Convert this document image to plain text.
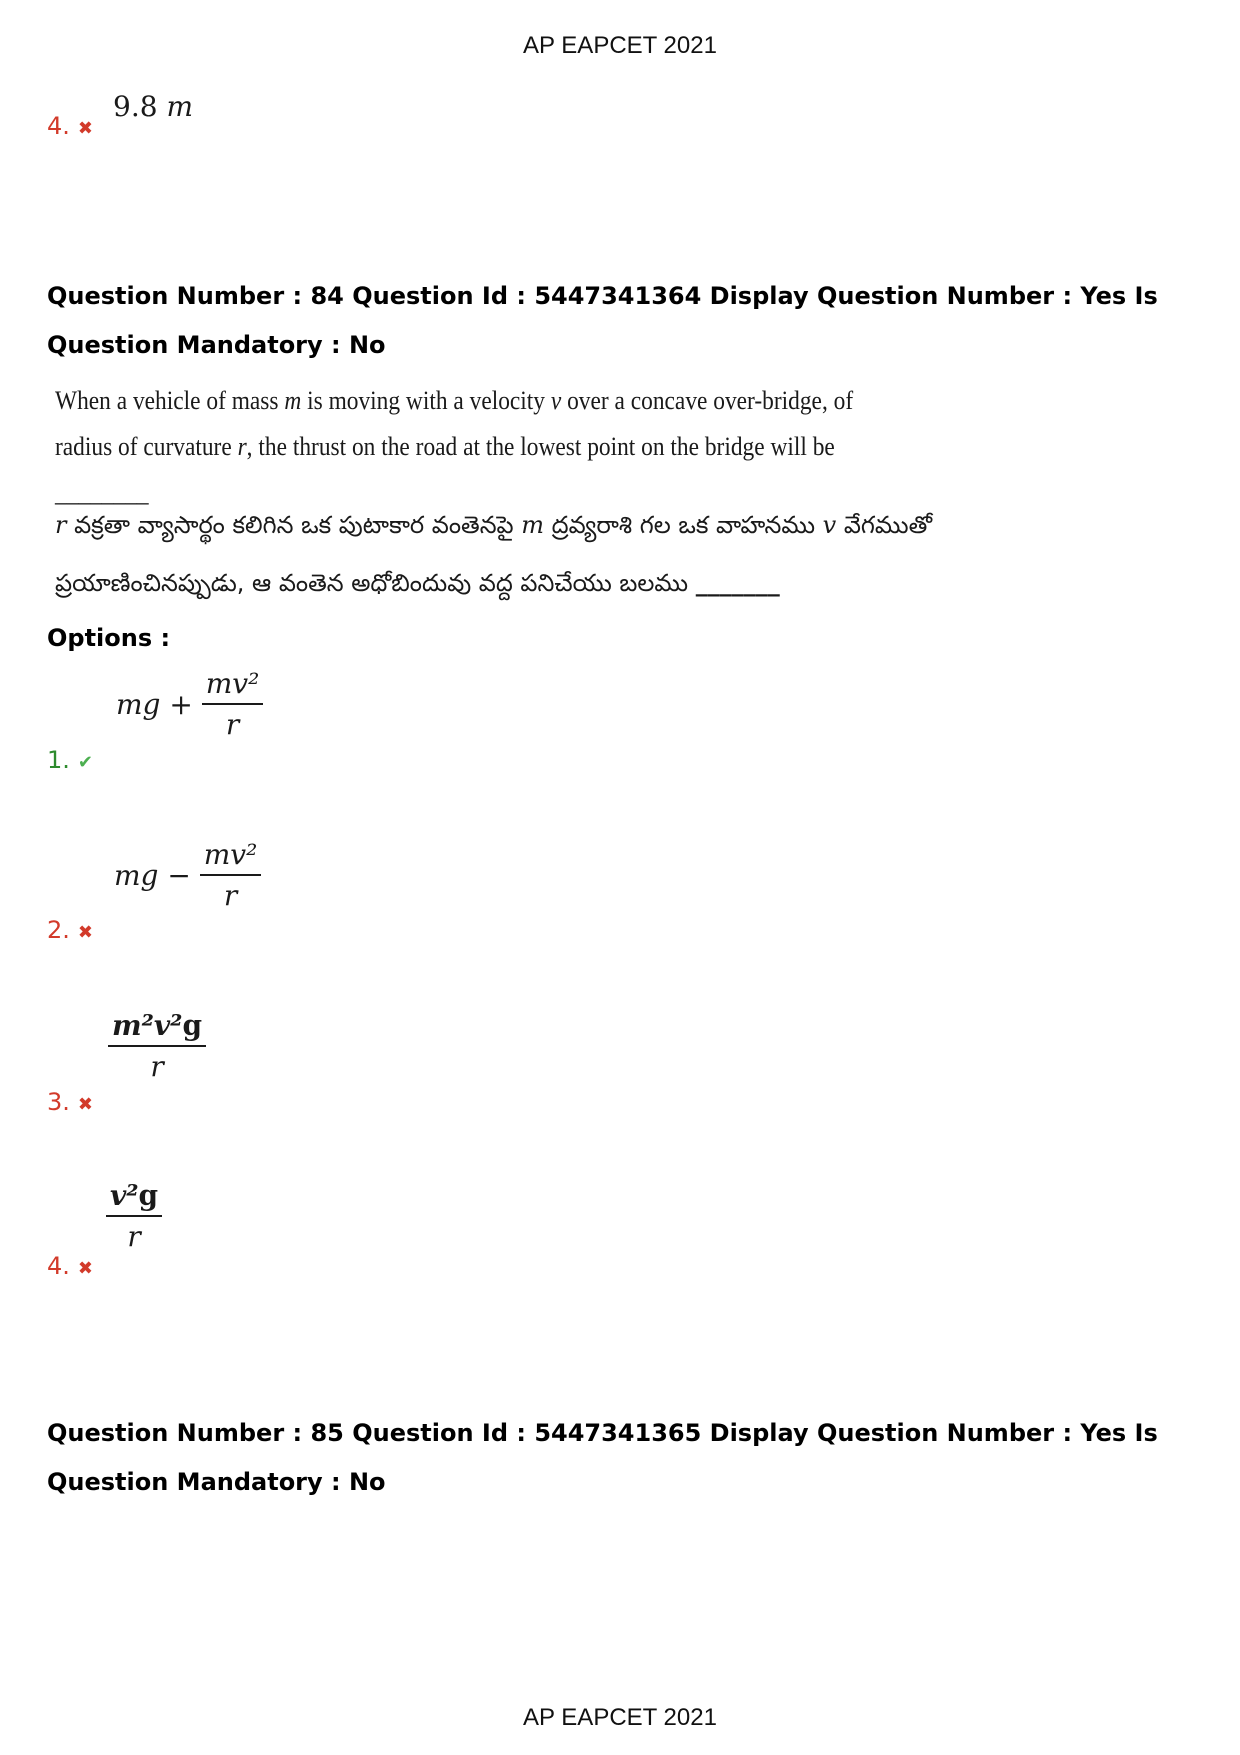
AP EAPCET 2021
4. ✖
9.8 m
Question Number : 84 Question Id : 5447341364 Display Question Number : Yes Is Question Mandatory : No
When a vehicle of mass m is moving with a velocity v over a concave over-bridge, of radius of curvature r, the thrust on the road at the lowest point on the bridge will be ________
r వక్రతా వ్యాసార్థం కలిగిన ఒక పుటాకార వంతెనపై m ద్రవ్యరాశి గల ఒక వాహనము v వేగముతో ప్రయాణించినప్పుడు, ఆ వంతెన అధోబిందువు వద్ద పనిచేయు బలము _______
Options :
1. ✔
mg + $\frac{\text{mv²}}{r}$
2. ✖
mg − $\frac{\text{mv²}}{r}$
3. ✖
$\frac{\text{m²v²g}}{r}$
4. ✖
$\frac{\text{v²g}}{r}$
Question Number : 85 Question Id : 5447341365 Display Question Number : Yes Is Question Mandatory : No
AP EAPCET 2021
